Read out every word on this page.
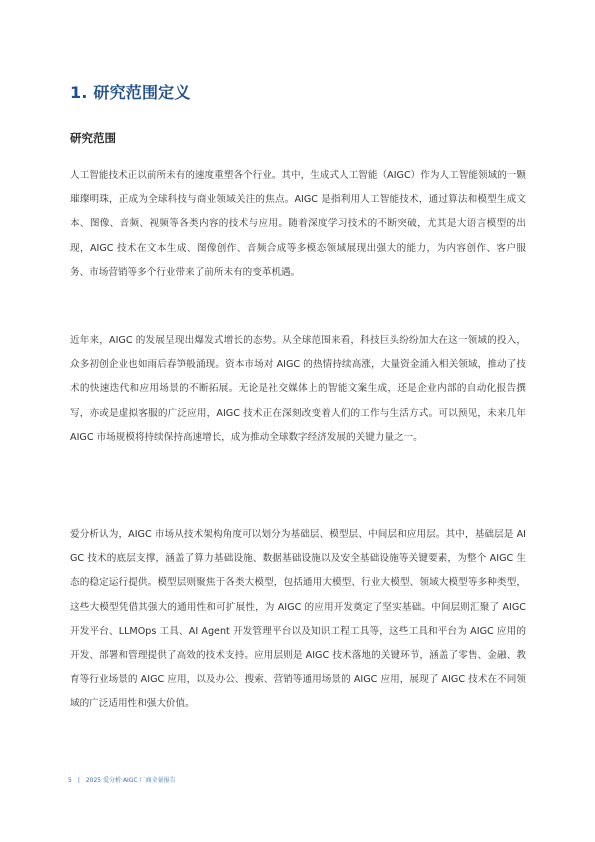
1. 研究范围定义
研究范围

人工智能技术正以前所未有的速度重塑各个行业。其中，生成式人工智能（AIGC）作为人工智能领域的一颗璀璨明珠，正成为全球科技与商业领域关注的焦点。AIGC 是指利用人工智能技术，通过算法和模型生成文本、图像、音频、视频等各类内容的技术与应用。随着深度学习技术的不断突破，尤其是大语言模型的出现，AIGC 技术在文本生成、图像创作、音频合成等多模态领域展现出强大的能力，为内容创作、客户服务、市场营销等多个行业带来了前所未有的变革机遇。

近年来，AIGC 的发展呈现出爆发式增长的态势。从全球范围来看，科技巨头纷纷加大在这一领域的投入，众多初创企业也如雨后春笋般涌现。资本市场对 AIGC 的热情持续高涨，大量资金涌入相关领域，推动了技术的快速迭代和应用场景的不断拓展。无论是社交媒体上的智能文案生成，还是企业内部的自动化报告撰写，亦或是虚拟客服的广泛应用，AIGC 技术正在深刻改变着人们的工作与生活方式。可以预见，未来几年 AIGC 市场规模将持续保持高速增长，成为推动全球数字经济发展的关键力量之一。

爱分析认为，AIGC 市场从技术架构角度可以划分为基础层、模型层、中间层和应用层。其中，基础层是 AIGC 技术的底层支撑，涵盖了算力基础设施、数据基础设施以及安全基础设施等关键要素，为整个 AIGC 生态的稳定运行提供。模型层则聚焦于各类大模型，包括通用大模型、行业大模型、领域大模型等多种类型，这些大模型凭借其强大的通用性和可扩展性，为 AIGC 的应用开发奠定了坚实基础。中间层则汇聚了 AIGC 开发平台、LLMOps 工具、AI Agent 开发管理平台以及知识工程工具等，这些工具和平台为 AIGC 应用的开发、部署和管理提供了高效的技术支持。应用层则是 AIGC 技术落地的关键环节，涵盖了零售、金融、教育等行业场景的 AIGC 应用，以及办公、搜索、营销等通用场景的 AIGC 应用，展现了 AIGC 技术在不同领域的广泛适用性和强大价值。

5 | 2025 爱分析·AIGC 厂商全景报告
